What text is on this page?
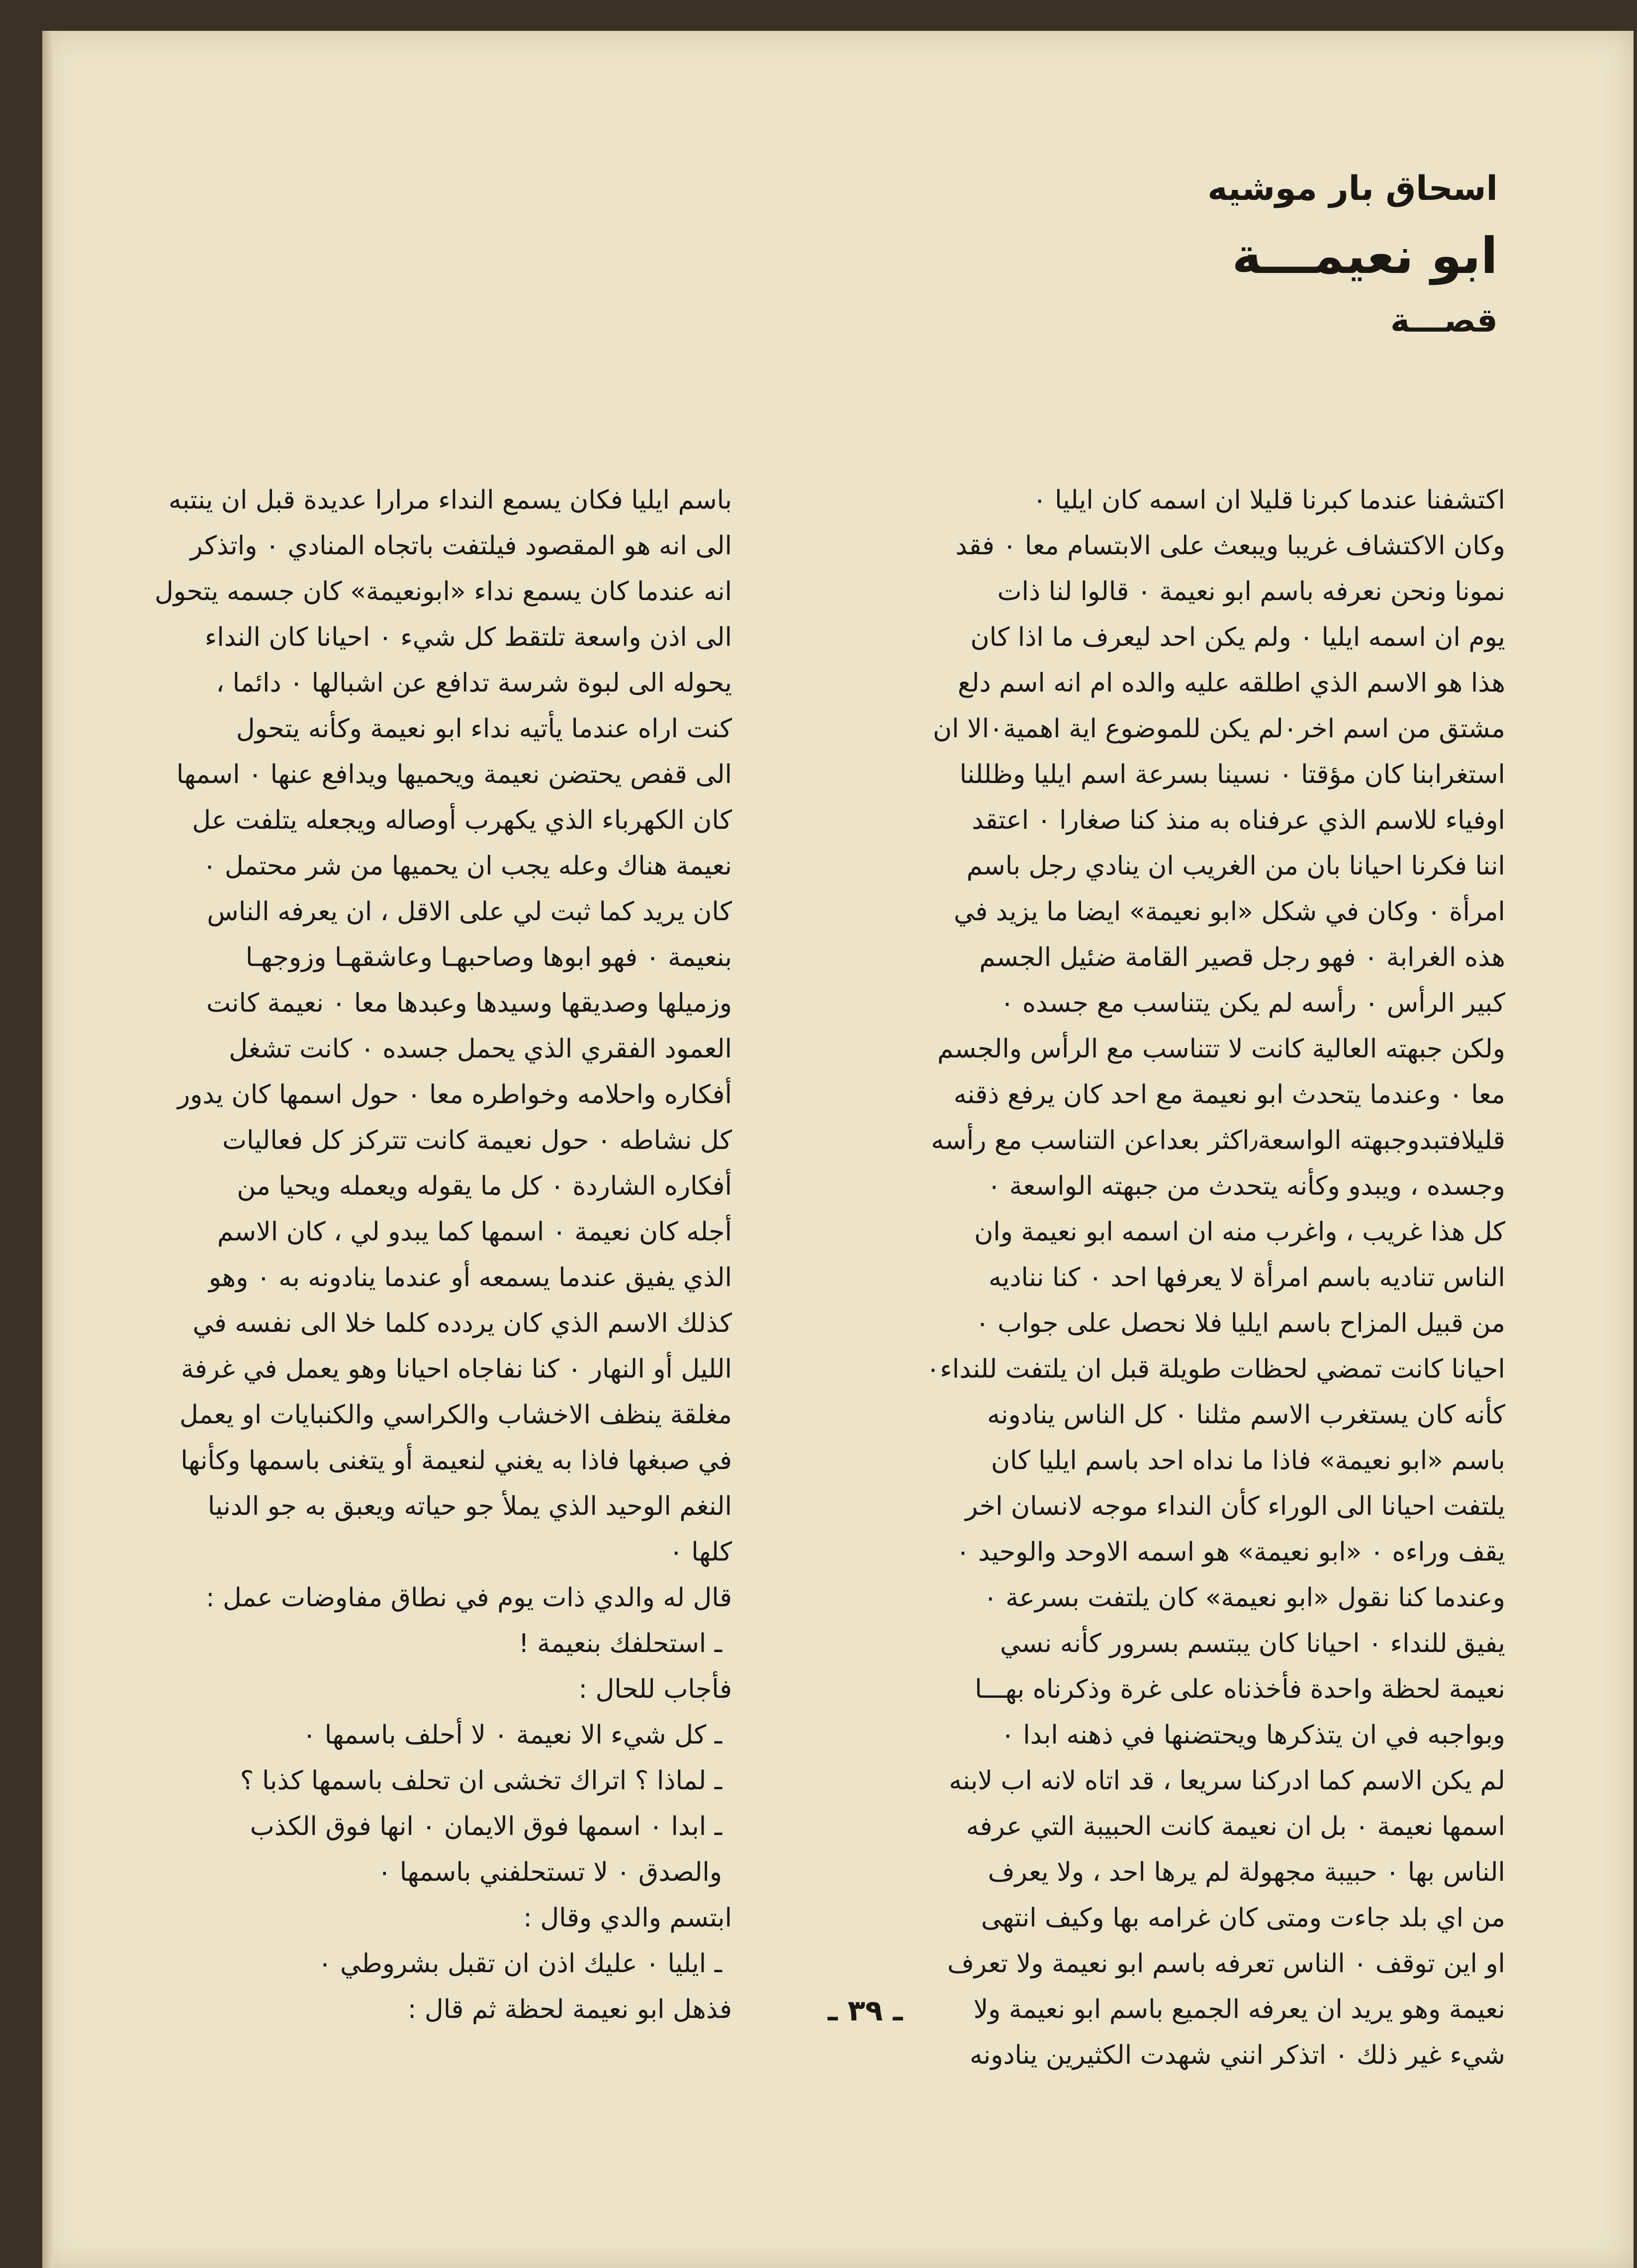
اسحاق بار موشيه
ابو نعيمـــة
قصـــة

اكتشفنا عندما كبرنا قليلا ان اسمه كان ايليا ٠
وكان الاكتشاف غريبا ويبعث على الابتسام معا ٠ فقد
نمونا ونحن نعرفه باسم ابو نعيمة ٠ قالوا لنا ذات
يوم ان اسمه ايليا ٠ ولم يكن احد ليعرف ما اذا كان
هذا هو الاسم الذي اطلقه عليه والده ام انه اسم دلع
مشتق من اسم اخر٠لم يكن للموضوع اية اهمية٠الا ان
استغرابنا كان مؤقتا ٠ نسينا بسرعة اسم ايليا وظللنا
اوفياء للاسم الذي عرفناه به منذ كنا صغارا ٠ اعتقد
اننا فكرنا احيانا بان من الغريب ان ينادي رجل باسم
امرأة ٠ وكان في شكل «ابو نعيمة» ايضا ما يزيد في
هذه الغرابة ٠ فهو رجل قصير القامة ضئيل الجسم
كبير الرأس ٠ رأسه لم يكن يتناسب مع جسده ٠
ولكن جبهته العالية كانت لا تتناسب مع الرأس والجسم
معا ٠ وعندما يتحدث ابو نعيمة مع احد كان يرفع ذقنه
قليلافتبدوجبهته الواسعة٫اكثر بعداعن التناسب مع رأسه
وجسده ، ويبدو وكأنه يتحدث من جبهته الواسعة ٠
كل هذا غريب ، واغرب منه ان اسمه ابو نعيمة وان
الناس تناديه باسم امرأة لا يعرفها احد ٠ كنا نناديه
من قبيل المزاح باسم ايليا فلا نحصل على جواب ٠
احيانا كانت تمضي لحظات طويلة قبل ان يلتفت للنداء٠
كأنه كان يستغرب الاسم مثلنا ٠ كل الناس ينادونه
باسم «ابو نعيمة» فاذا ما نداه احد باسم ايليا كان
يلتفت احيانا الى الوراء كأن النداء موجه لانسان اخر
يقف وراءه ٠ «ابو نعيمة» هو اسمه الاوحد والوحيد ٠
وعندما كنا نقول «ابو نعيمة» كان يلتفت بسرعة ٠
يفيق للنداء ٠ احيانا كان يبتسم بسرور كأنه نسي
نعيمة لحظة واحدة فأخذناه على غرة وذكرناه بهـــا
وبواجبه في ان يتذكرها ويحتضنها في ذهنه ابدا ٠
لم يكن الاسم كما ادركنا سريعا ، قد اتاه لانه اب لابنه
اسمها نعيمة ٠ بل ان نعيمة كانت الحبيبة التي عرفه
الناس بها ٠ حبيبة مجهولة لم يرها احد ، ولا يعرف
من اي بلد جاءت ومتى كان غرامه بها وكيف انتهى
او اين توقف ٠ الناس تعرفه باسم ابو نعيمة ولا تعرف
نعيمة وهو يريد ان يعرفه الجميع باسم ابو نعيمة ولا
شيء غير ذلك ٠ اتذكر انني شهدت الكثيرين ينادونه

باسم ايليا فكان يسمع النداء مرارا عديدة قبل ان ينتبه
الى انه هو المقصود فيلتفت باتجاه المنادي ٠ واتذكر
انه عندما كان يسمع نداء «ابونعيمة» كان جسمه يتحول
الى اذن واسعة تلتقط كل شيء ٠ احيانا كان النداء
يحوله الى لبوة شرسة تدافع عن اشبالها ٠ دائما ،
كنت اراه عندما يأتيه نداء ابو نعيمة وكأنه يتحول
الى قفص يحتضن نعيمة ويحميها ويدافع عنها ٠ اسمها
كان الكهرباء الذي يكهرب أوصاله ويجعله يتلفت عل
نعيمة هناك وعله يجب ان يحميها من شر محتمل ٠
كان يريد كما ثبت لي على الاقل ، ان يعرفه الناس
بنعيمة ٠ فهو ابوها وصاحبهـا وعاشقهـا وزوجهـا
وزميلها وصديقها وسيدها وعبدها معا ٠ نعيمة كانت
العمود الفقري الذي يحمل جسده ٠ كانت تشغل
أفكاره واحلامه وخواطره معا ٠ حول اسمها كان يدور
كل نشاطه ٠ حول نعيمة كانت تتركز كل فعاليات
أفكاره الشاردة ٠ كل ما يقوله ويعمله ويحيا من
أجله كان نعيمة ٠ اسمها كما يبدو لي ، كان الاسم
الذي يفيق عندما يسمعه أو عندما ينادونه به ٠ وهو
كذلك الاسم الذي كان يردده كلما خلا الى نفسه في
الليل أو النهار ٠ كنا نفاجاه احيانا وهو يعمل في غرفة
مغلقة ينظف الاخشاب والكراسي والكنبايات او يعمل
في صبغها فاذا به يغني لنعيمة أو يتغنى باسمها وكأنها
النغم الوحيد الذي يملأ جو حياته ويعبق به جو الدنيا
كلها ٠

قال له والدي ذات يوم في نطاق مفاوضات عمل :
ـ استحلفك بنعيمة !
فأجاب للحال :
ـ كل شيء الا نعيمة ٠ لا أحلف باسمها ٠
ـ لماذا ؟ اتراك تخشى ان تحلف باسمها كذبا ؟
ـ ابدا ٠ اسمها فوق الايمان ٠ انها فوق الكذب
والصدق ٠ لا تستحلفني باسمها ٠
ابتسم والدي وقال :
ـ ايليا ٠ عليك اذن ان تقبل بشروطي ٠
فذهل ابو نعيمة لحظة ثم قال :	ـ ٣٩ ـ
